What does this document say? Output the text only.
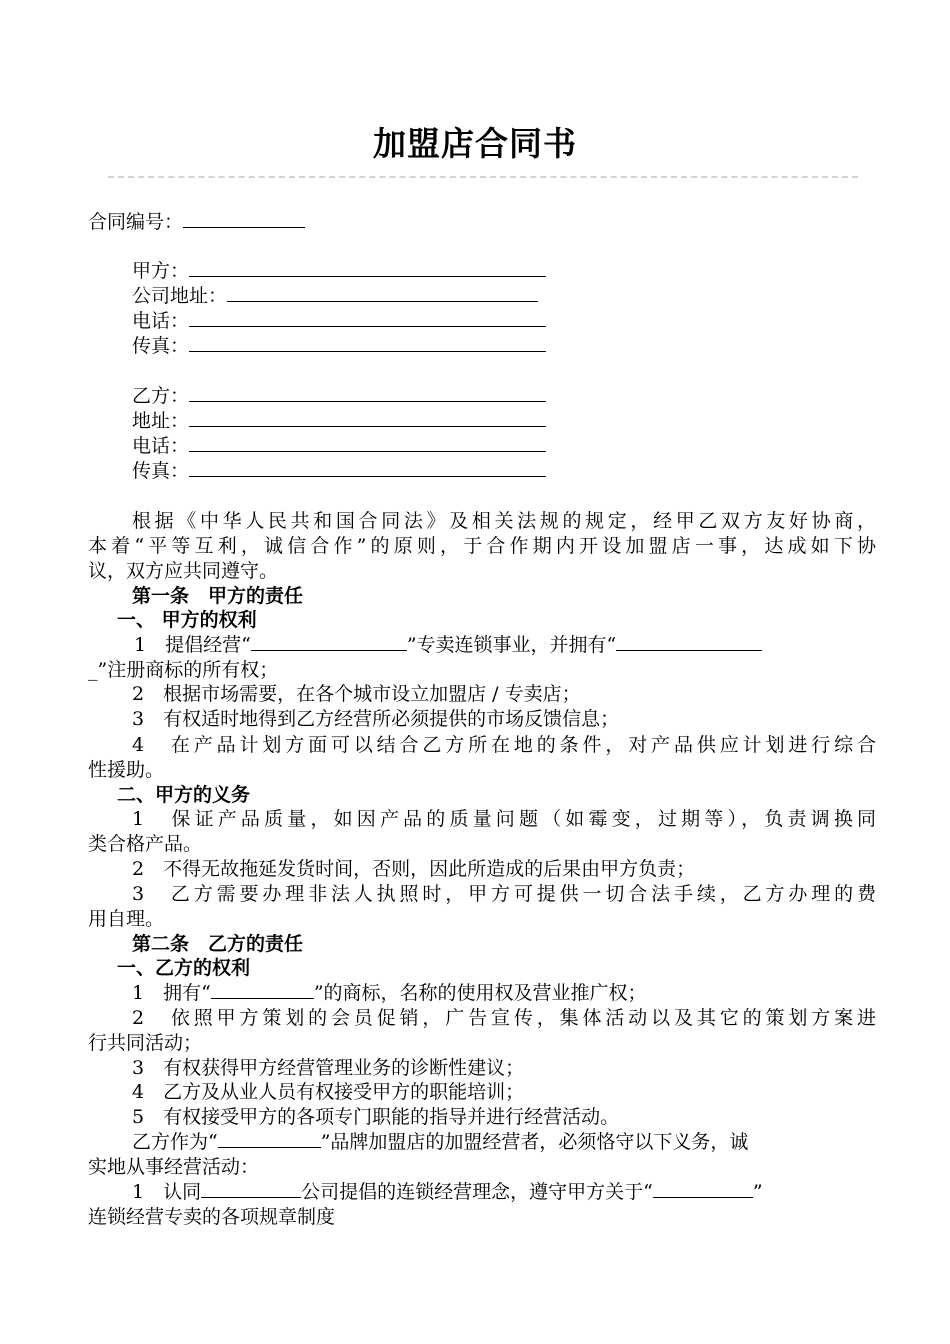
加盟店合同书
合同编号：
甲方：
公司地址：
电话：
传真：
乙方：
地址：
电话：
传真：
根据《中华人民共和国合同法》及相关法规的规定，经甲乙双方友好协商，
本着“平等互利，诚信合作”的原则，于合作期内开设加盟店一事，达成如下协
议，双方应共同遵守。
第一条　甲方的责任
一、 甲方的权利
1　提倡经营“	”专卖连锁事业，并拥有“
_”注册商标的所有权；
2　根据市场需要，在各个城市设立加盟店 / 专卖店；
3　有权适时地得到乙方经营所必须提供的市场反馈信息；
4　在产品计划方面可以结合乙方所在地的条件，对产品供应计划进行综合
性援助。
二、甲方的义务
1　保证产品质量，如因产品的质量问题（如霉变，过期等），负责调换同
类合格产品。
2　不得无故拖延发货时间，否则，因此所造成的后果由甲方负责；
3　乙方需要办理非法人执照时，甲方可提供一切合法手续，乙方办理的费
用自理。
第二条　乙方的责任
一、乙方的权利
1　拥有“	”的商标，名称的使用权及营业推广权；
2　依照甲方策划的会员促销，广告宣传，集体活动以及其它的策划方案进
行共同活动；
3　有权获得甲方经营管理业务的诊断性建议；
4　乙方及从业人员有权接受甲方的职能培训；
5　有权接受甲方的各项专门职能的指导并进行经营活动。
乙方作为“	”品牌加盟店的加盟经营者，必须恪守以下义务，诚
实地从事经营活动：
1　认同	公司提倡的连锁经营理念，遵守甲方关于“	”
连锁经营专卖的各项规章制度
